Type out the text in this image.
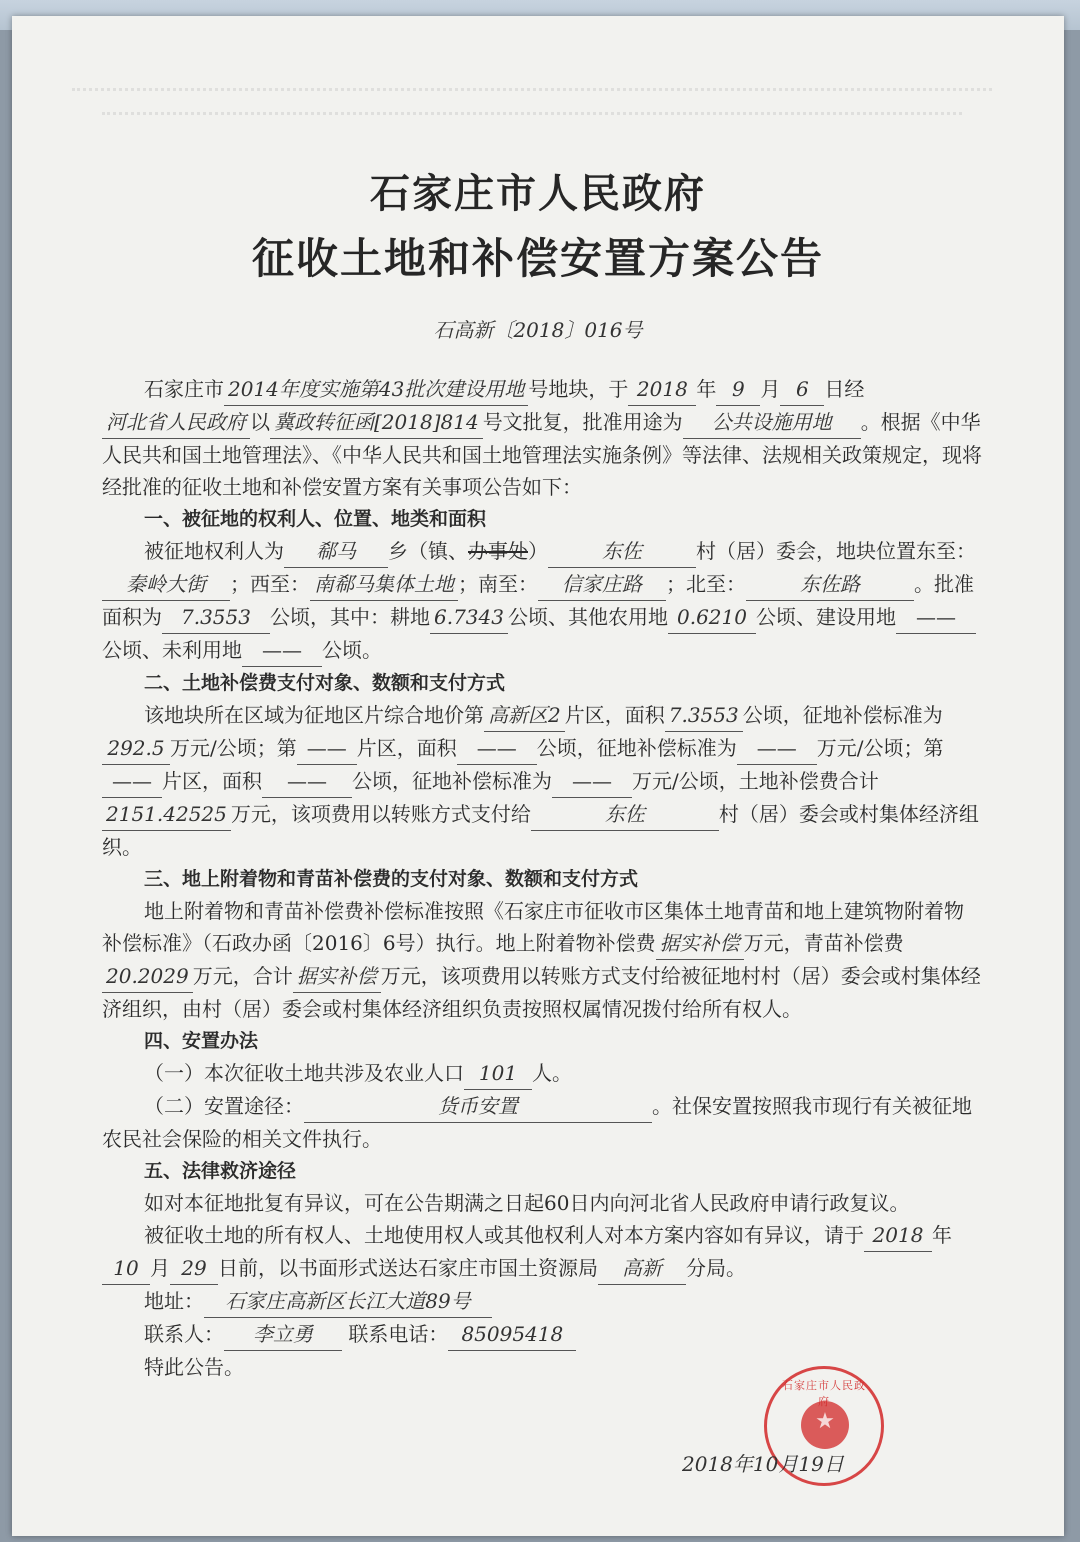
石家庄市人民政府
征收土地和补偿安置方案公告
石高新〔2018〕016号

石家庄市 2014年度实施第43批次建设用地 号地块，于 2018 年 9 月 6 日经河北省人民政府 以 冀政转征函[2018]814 号文批复，批准用途为 公共设施用地 。根据《中华人民共和国土地管理法》、《中华人民共和国土地管理法实施条例》等法律、法规相关政策规定，现将经批准的征收土地和补偿安置方案有关事项公告如下：

一、被征地的权利人、位置、地类和面积

被征地权利人为 郗马 乡（镇、办事处）	东佐	村（居）委会，地块位置东至：秦岭大街 ；西至： 南郗马集体土地 ；南至： 信家庄路 ；北至：	东佐路	。批准面积为 7.3553 公顷，其中：耕地 6.7343 公顷、其他农用地 0.6210 公顷、建设用地 ——公顷、未利用地 —— 公顷。

二、土地补偿费支付对象、数额和支付方式

该地块所在区域为征地区片综合地价第 高新区2 片区，面积 7.3553 公顷，征地补偿标准为292.5 万元/公顷；第 —— 片区，面积 —— 公顷，征地补偿标准为 —— 万元/公顷；第—— 片区，面积 —— 公顷，征地补偿标准为 —— 万元/公顷，土地补偿费合计2151.42525 万元，该项费用以转账方式支付给	东佐	村（居）委会或村集体经济组织。

三、地上附着物和青苗补偿费的支付对象、数额和支付方式

地上附着物和青苗补偿费补偿标准按照《石家庄市征收市区集体土地青苗和地上建筑物附着物补偿标准》（石政办函〔2016〕6号）执行。地上附着物补偿费 据实补偿 万元，青苗补偿费20.2029 万元，合计 据实补偿 万元，该项费用以转账方式支付给被征地村村（居）委会或村集体经济组织，由村（居）委会或村集体经济组织负责按照权属情况拨付给所有权人。

四、安置办法

（一）本次征收土地共涉及农业人口 101 人。

（二）安置途径：	货币安置	。社保安置按照我市现行有关被征地农民社会保险的相关文件执行。

五、法律救济途径

如对本征地批复有异议，可在公告期满之日起60日内向河北省人民政府申请行政复议。

被征收土地的所有权人、土地使用权人或其他权利人对本方案内容如有异议，请于 2018 年10 月 29 日前，以书面形式送达石家庄市国土资源局 高新 分局。

地址： 石家庄高新区长江大道89号

联系人： 李立勇 联系电话： 85095418

特此公告。

石家庄市人民政
★
2018年10月19日
